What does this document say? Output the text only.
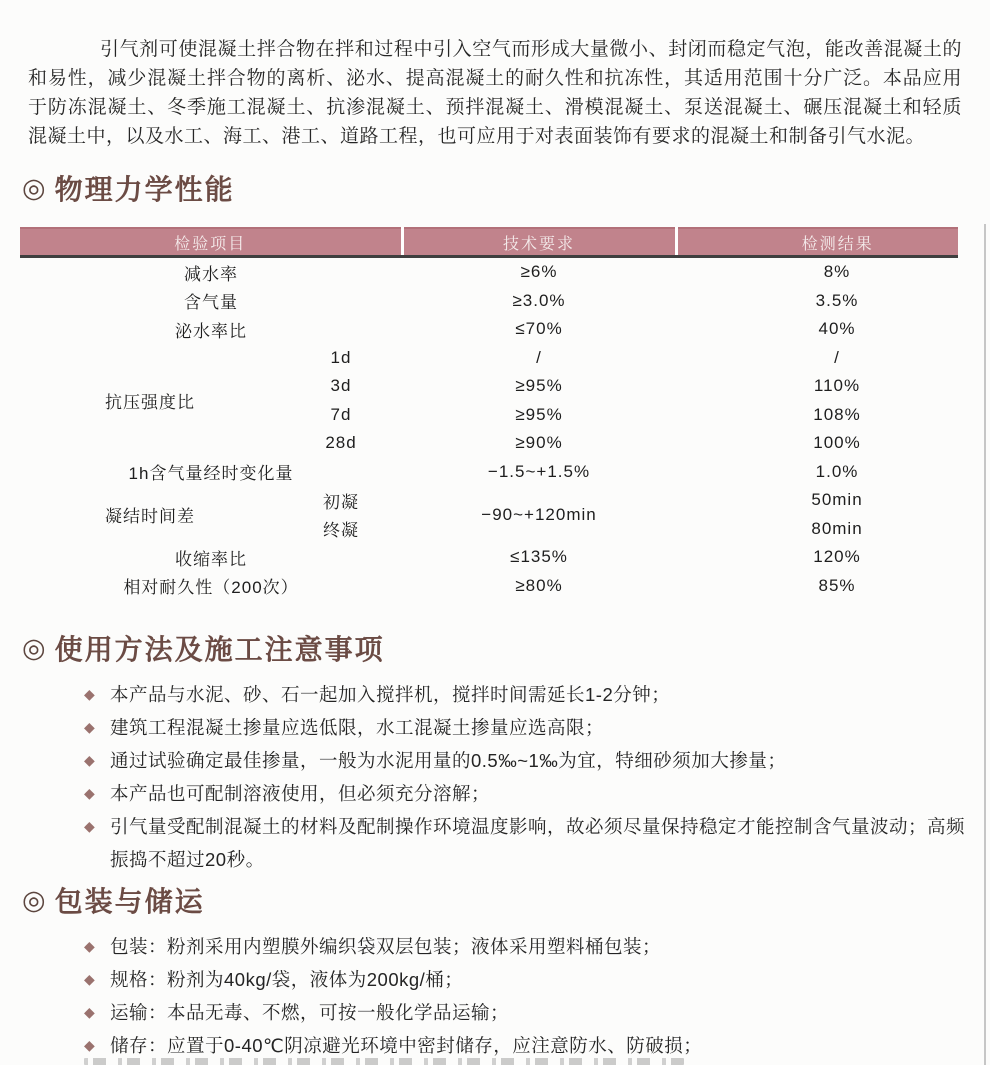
引气剂可使混凝土拌合物在拌和过程中引入空气而形成大量微小、封闭而稳定气泡，能改善混凝土的和易性，减少混凝土拌合物的离析、泌水、提高混凝土的耐久性和抗冻性，其适用范围十分广泛。本品应用于防冻混凝土、冬季施工混凝土、抗渗混凝土、预拌混凝土、滑模混凝土、泵送混凝土、碾压混凝土和轻质混凝土中，以及水工、海工、港工、道路工程，也可应用于对表面装饰有要求的混凝土和制备引气水泥。

◎ 物理力学性能
检验项目		技术要求	检测结果
减水率		≥6%	8%
含气量		≥3.0%	3.5%
泌水率比		≤70%	40%
抗压强度比	1d	/	/
	3d	≥95%	110%
	7d	≥95%	108%
	28d	≥90%	100%
1h含气量经时变化量		−1.5~+1.5%	1.0%
凝结时间差	初凝	−90~+120min	50min
	终凝		80min
收缩率比		≤135%	120%
相对耐久性（200次）		≥80%	85%
◎ 使用方法及施工注意事项
◆ 本产品与水泥、砂、石一起加入搅拌机，搅拌时间需延长1-2分钟；
◆ 建筑工程混凝土掺量应选低限，水工混凝土掺量应选高限；
◆ 通过试验确定最佳掺量，一般为水泥用量的0.5‰~1‰为宜，特细砂须加大掺量；
◆ 本产品也可配制溶液使用，但必须充分溶解；
◆ 引气量受配制混凝土的材料及配制操作环境温度影响，故必须尽量保持稳定才能控制含气量波动；高频振捣不超过20秒。
◎ 包装与储运
◆ 包装：粉剂采用内塑膜外编织袋双层包装；液体采用塑料桶包装；
◆ 规格：粉剂为40kg/袋，液体为200kg/桶；
◆ 运输：本品无毒、不燃，可按一般化学品运输；
◆ 储存：应置于0-40℃阴凉避光环境中密封储存，应注意防水、防破损；
